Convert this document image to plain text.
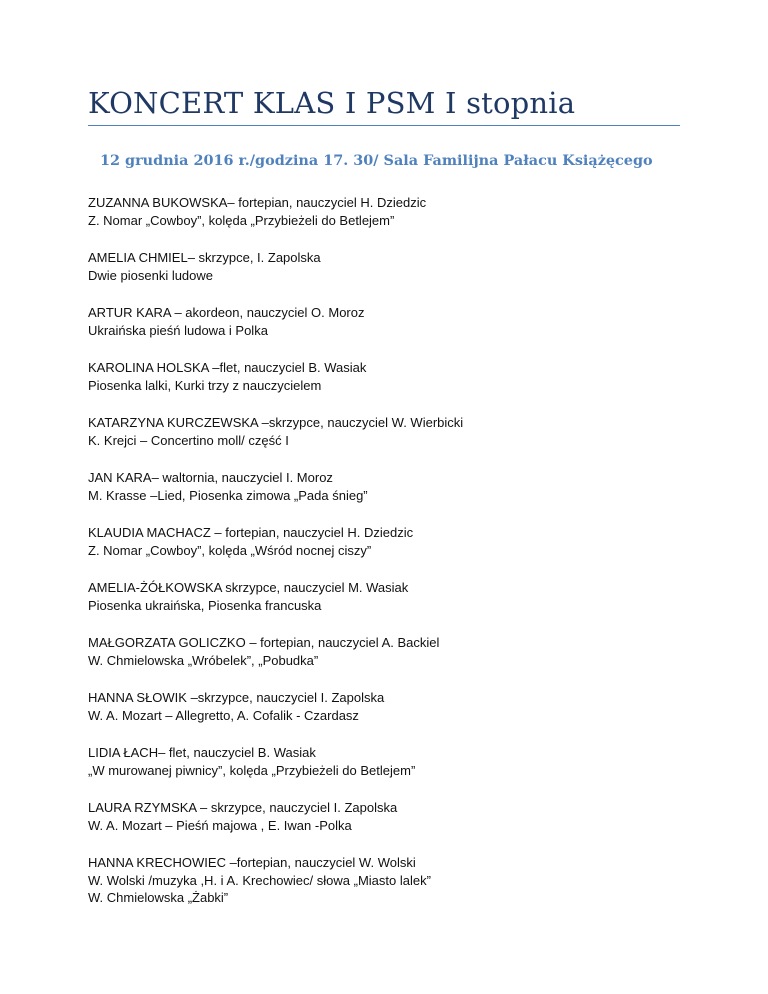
KONCERT KLAS I PSM I stopnia
12 grudnia 2016 r./godzina 17. 30/ Sala Familijna Pałacu Książęcego
ZUZANNA BUKOWSKA– fortepian, nauczyciel H. Dziedzic
Z. Nomar „Cowboy”, kolęda „Przybieżeli do Betlejem”
AMELIA CHMIEL– skrzypce, I. Zapolska
Dwie piosenki ludowe
ARTUR KARA – akordeon, nauczyciel O. Moroz
Ukraińska pieśń ludowa i Polka
KAROLINA HOLSKA –flet, nauczyciel B. Wasiak
Piosenka lalki, Kurki trzy z nauczycielem
KATARZYNA KURCZEWSKA –skrzypce, nauczyciel W. Wierbicki
K. Krejci – Concertino moll/ część I
JAN KARA– waltornia, nauczyciel I. Moroz
M. Krasse –Lied, Piosenka zimowa „Pada śnieg”
KLAUDIA MACHACZ – fortepian, nauczyciel H. Dziedzic
Z. Nomar „Cowboy”, kolęda „Wśród nocnej ciszy”
AMELIA-ŻÓŁKOWSKA skrzypce, nauczyciel M. Wasiak
Piosenka ukraińska, Piosenka francuska
MAŁGORZATA GOLICZKO – fortepian, nauczyciel A. Backiel
W. Chmielowska „Wróbelek”, „Pobudka”
HANNA SŁOWIK –skrzypce, nauczyciel I. Zapolska
W. A. Mozart – Allegretto, A. Cofalik - Czardasz
LIDIA ŁACH– flet, nauczyciel B. Wasiak
„W murowanej piwnicy”, kolęda „Przybieżeli do Betlejem”
LAURA RZYMSKA – skrzypce, nauczyciel I. Zapolska
W. A. Mozart – Pieśń majowa , E. Iwan -Polka
HANNA KRECHOWIEC –fortepian, nauczyciel W. Wolski
W. Wolski /muzyka ,H. i A. Krechowiec/ słowa „Miasto lalek”
W. Chmielowska „Żabki”
